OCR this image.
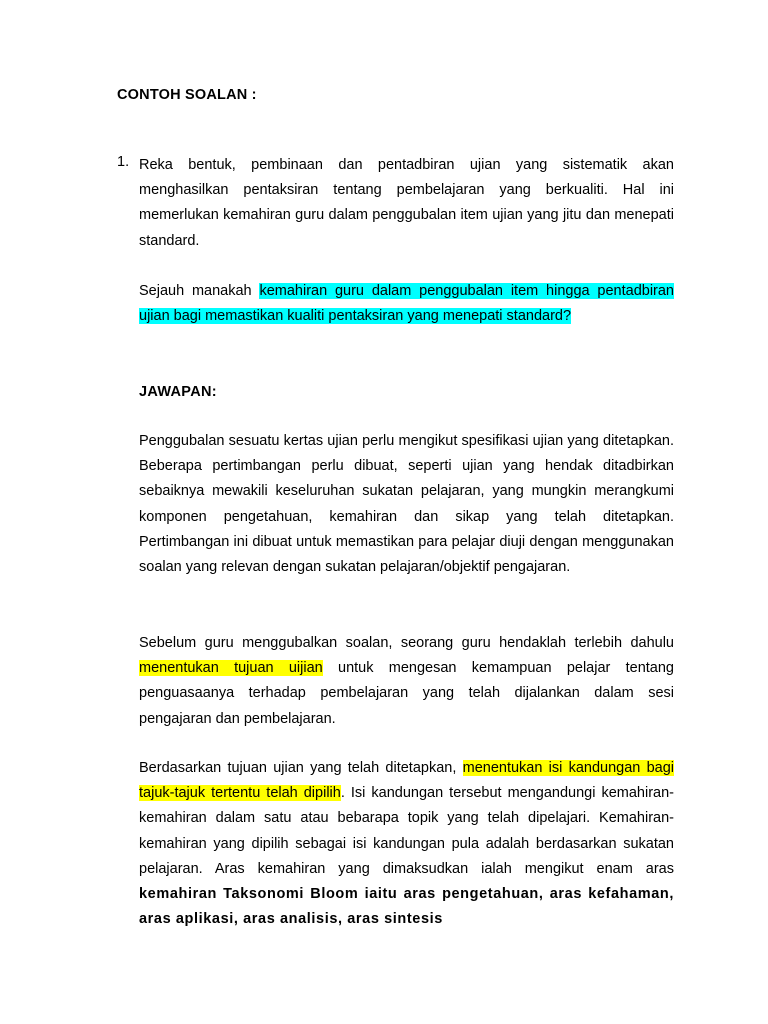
CONTOH SOALAN :
1. Reka bentuk, pembinaan dan pentadbiran ujian yang sistematik akan menghasilkan pentaksiran tentang pembelajaran yang berkualiti. Hal ini memerlukan kemahiran guru dalam penggubalan item ujian yang jitu dan menepati standard.
Sejauh manakah kemahiran guru dalam penggubalan item hingga pentadbiran ujian bagi memastikan kualiti pentaksiran yang menepati standard?
JAWAPAN:
Penggubalan sesuatu kertas ujian perlu mengikut spesifikasi ujian yang ditetapkan. Beberapa pertimbangan perlu dibuat, seperti ujian yang hendak ditadbirkan sebaiknya mewakili keseluruhan sukatan pelajaran, yang mungkin merangkumi komponen pengetahuan, kemahiran dan sikap yang telah ditetapkan. Pertimbangan ini dibuat untuk memastikan para pelajar diuji dengan menggunakan soalan yang relevan dengan sukatan pelajaran/objektif pengajaran.
Sebelum guru menggubalkan soalan, seorang guru hendaklah terlebih dahulu menentukan tujuan uijian untuk mengesan kemampuan pelajar tentang penguasaanya terhadap pembelajaran yang telah dijalankan dalam sesi pengajaran dan pembelajaran.
Berdasarkan tujuan ujian yang telah ditetapkan, menentukan isi kandungan bagi tajuk-tajuk tertentu telah dipilih. Isi kandungan tersebut mengandungi kemahiran-kemahiran dalam satu atau bebarapa topik yang telah dipelajari. Kemahiran-kemahiran yang dipilih sebagai isi kandungan pula adalah berdasarkan sukatan pelajaran. Aras kemahiran yang dimaksudkan ialah mengikut enam aras kemahiran Taksonomi Bloom iaitu aras pengetahuan, aras kefahaman, aras aplikasi, aras analisis, aras sintesis
